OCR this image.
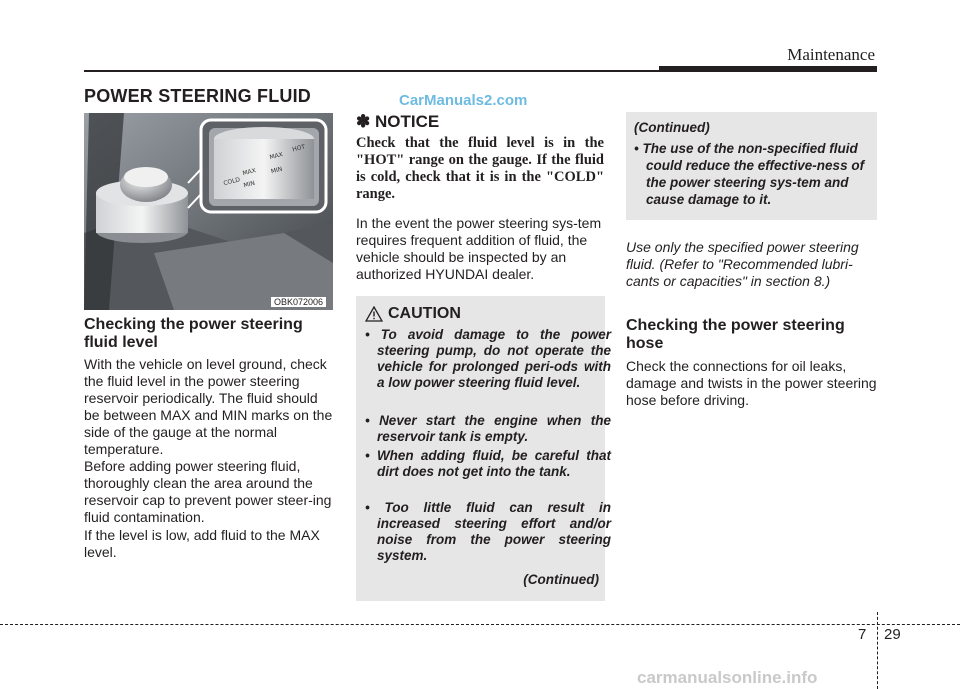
Maintenance
POWER STEERING FLUID	CarManuals2.com
MAX
MIN
HOT
COLD
MAX
MIN
OBK072006
Checking the power steering fluid level

With the vehicle on level ground, check the fluid level in the power steering reservoir periodically. The fluid should be between MAX and MIN marks on the side of the gauge at the normal temperature.

Before adding power steering fluid, thoroughly clean the area around the reservoir cap to prevent power steer-ing fluid contamination.

If the level is low, add fluid to the MAX level.

✽ NOTICE

Check that the fluid level is in the "HOT" range on the gauge. If the fluid is cold, check that it is in the "COLD" range.

In the event the power steering sys-tem requires frequent addition of fluid, the vehicle should be inspected by an authorized HYUNDAI dealer.

CAUTION
• To avoid damage to the power steering pump, do not operate the vehicle for prolonged peri-ods with a low power steering fluid level.
• Never start the engine when the reservoir tank is empty.
• When adding fluid, be careful that dirt does not get into the tank.
• Too little fluid can result in increased steering effort and/or noise from the power steering system.
(Continued)
(Continued)
• The use of the non-specified fluid could reduce the effective-ness of the power steering sys-tem and cause damage to it.

Use only the specified power steering fluid. (Refer to "Recommended lubri-cants or capacities" in section 8.)

Checking the power steering hose

Check the connections for oil leaks, damage and twists in the power steering hose before driving.

7 29
carmanualsonline.info
